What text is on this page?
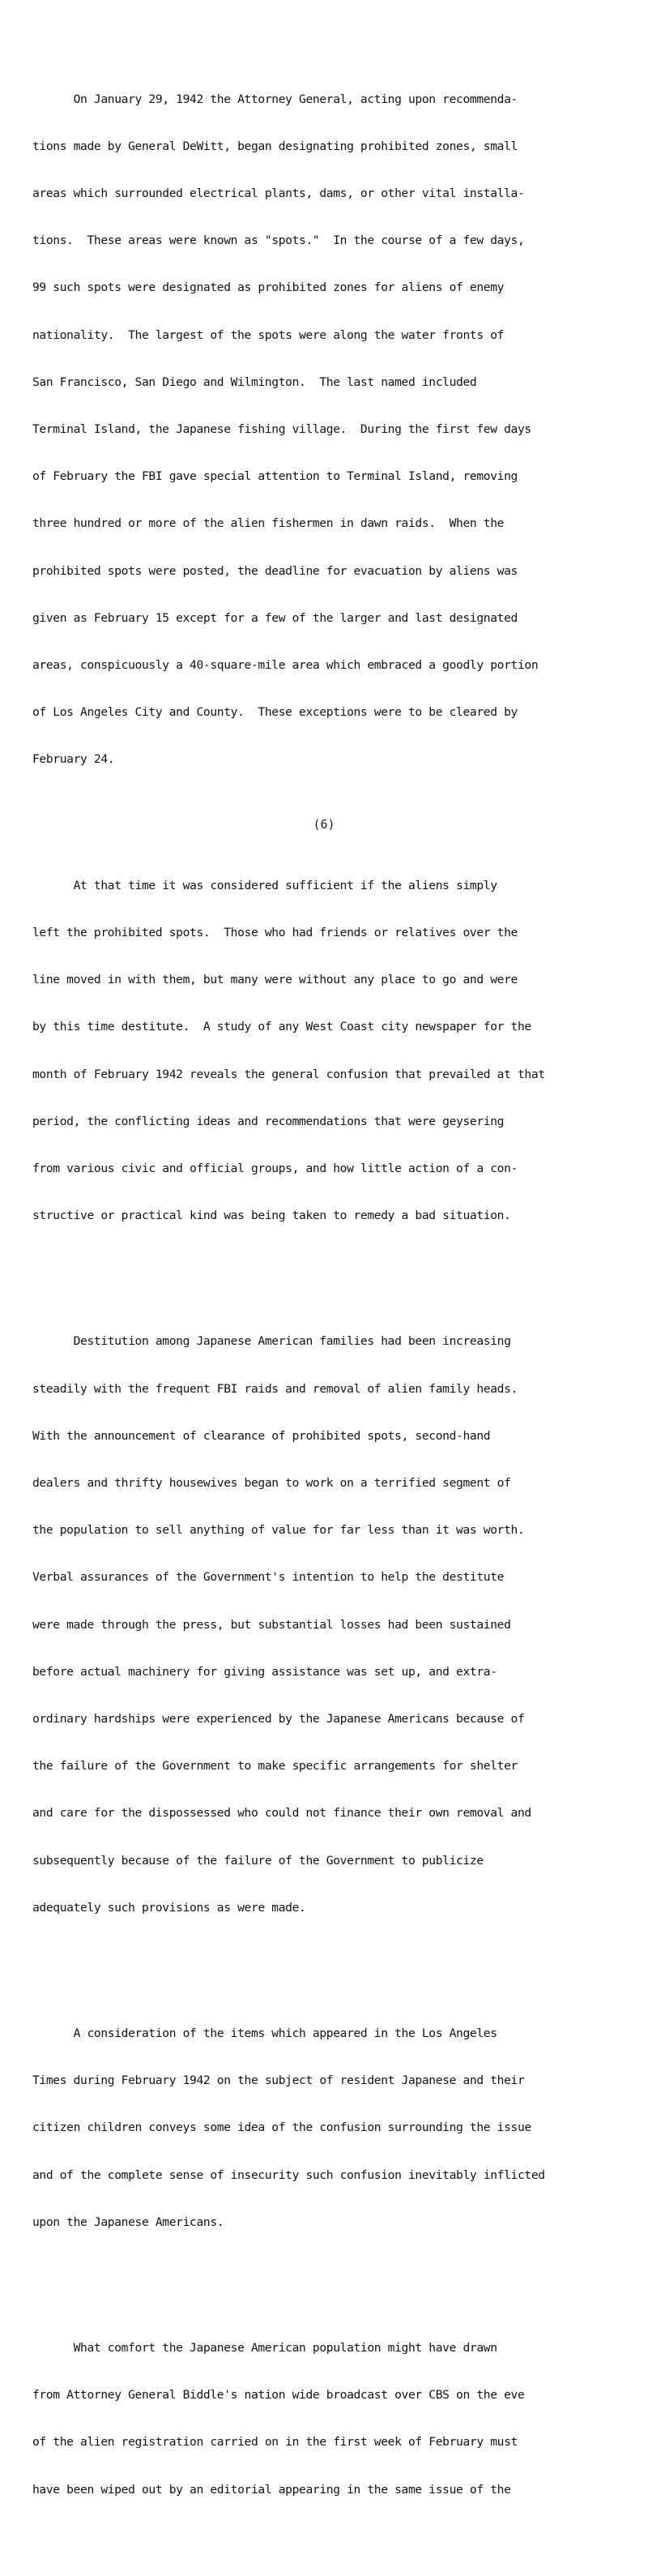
On January 29, 1942 the Attorney General, acting upon recommenda-

tions made by General DeWitt, began designating prohibited zones, small

areas which surrounded electrical plants, dams, or other vital installa-

tions.  These areas were known as "spots."  In the course of a few days,

99 such spots were designated as prohibited zones for aliens of enemy

nationality.  The largest of the spots were along the water fronts of

San Francisco, San Diego and Wilmington.  The last named included

Terminal Island, the Japanese fishing village.  During the first few days

of February the FBI gave special attention to Terminal Island, removing

three hundred or more of the alien fishermen in dawn raids.  When the

prohibited spots were posted, the deadline for evacuation by aliens was

given as February 15 except for a few of the larger and last designated

areas, conspicuously a 40-square-mile area which embraced a goodly portion

of Los Angeles City and County.  These exceptions were to be cleared by

February 24.

At that time it was considered sufficient if the aliens simply

left the prohibited spots.  Those who had friends or relatives over the

line moved in with them, but many were without any place to go and were

by this time destitute.  A study of any West Coast city newspaper for the

month of February 1942 reveals the general confusion that prevailed at that

period, the conflicting ideas and recommendations that were geysering

from various civic and official groups, and how little action of a con-

structive or practical kind was being taken to remedy a bad situation.

Destitution among Japanese American families had been increasing

steadily with the frequent FBI raids and removal of alien family heads.

With the announcement of clearance of prohibited spots, second-hand

dealers and thrifty housewives began to work on a terrified segment of

the population to sell anything of value for far less than it was worth.

Verbal assurances of the Government's intention to help the destitute

were made through the press, but substantial losses had been sustained

before actual machinery for giving assistance was set up, and extra-

ordinary hardships were experienced by the Japanese Americans because of

the failure of the Government to make specific arrangements for shelter

and care for the dispossessed who could not finance their own removal and

subsequently because of the failure of the Government to publicize

adequately such provisions as were made.

A consideration of the items which appeared in the Los Angeles

Times during February 1942 on the subject of resident Japanese and their

citizen children conveys some idea of the confusion surrounding the issue

and of the complete sense of insecurity such confusion inevitably inflicted

upon the Japanese Americans.

What comfort the Japanese American population might have drawn

from Attorney General Biddle's nation wide broadcast over CBS on the eve

of the alien registration carried on in the first week of February must

have been wiped out by an editorial appearing in the same issue of the

(6)
